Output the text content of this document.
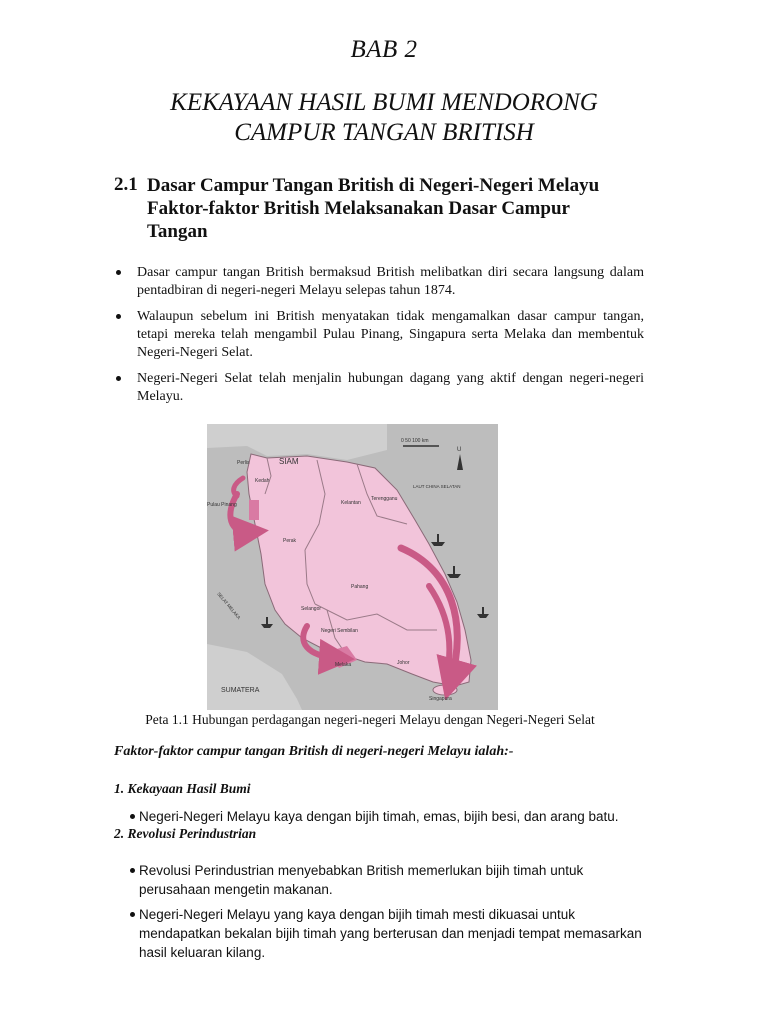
BAB 2
KEKAYAAN HASIL BUMI MENDORONG
CAMPUR TANGAN BRITISH
2.1 Dasar Campur Tangan British di Negeri-Negeri Melayu Faktor-faktor British Melaksanakan Dasar Campur Tangan
Dasar campur tangan British bermaksud British melibatkan diri secara langsung dalam pentadbiran di negeri-negeri Melayu selepas tahun 1874.
Walaupun sebelum ini British menyatakan tidak mengamalkan dasar campur tangan, tetapi mereka telah mengambil Pulau Pinang, Singapura serta Melaka dan membentuk Negeri-Negeri Selat.
Negeri-Negeri Selat telah menjalin hubungan dagang yang aktif dengan negeri-negeri Melayu.
0 50 100 km
U
SIAM
Perlis
Kedah
Pulau Pinang	Kelantan
Terengganu
Perak
Pahang
Selangor
Negeri Sembilan
Melaka	Johor
Singapura
SUMATERA
LAUT CHINA SELATAN
SELAT MELAKA
Peta 1.1 Hubungan perdagangan negeri-negeri Melayu dengan Negeri-Negeri Selat
Faktor-faktor campur tangan British di negeri-negeri Melayu ialah:-
1. Kekayaan Hasil Bumi
Negeri-Negeri Melayu kaya dengan bijih timah, emas, bijih besi, dan arang batu.
2. Revolusi Perindustrian
Revolusi Perindustrian menyebabkan British memerlukan bijih timah untuk perusahaan mengetin makanan.
Negeri-Negeri Melayu yang kaya dengan bijih timah mesti dikuasai untuk mendapatkan bekalan bijih timah yang berterusan dan menjadi tempat memasarkan hasil keluaran kilang.
